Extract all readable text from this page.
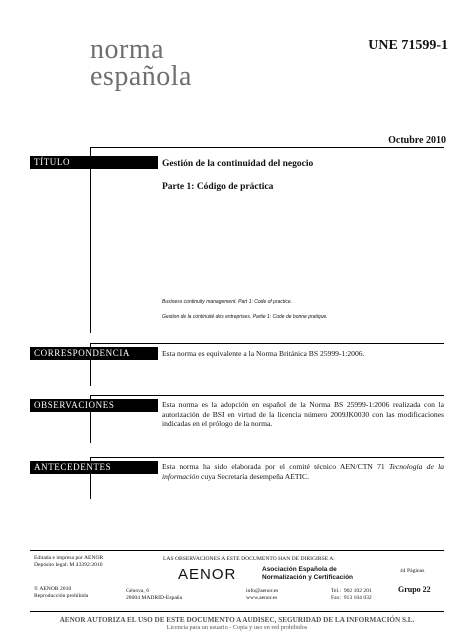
norma
española
UNE 71599-1
Octubre 2010
TÍTULO	Gestión de la continuidad del negocio
Parte 1: Código de práctica
Business continuity management. Part 1: Code of practice.
Gestion de la continuité des entreprises. Partie 1: Code de bonne pratique.
CORRESPONDENCIA	Esta norma es equivalente a la Norma Británica BS 25999-1:2006.
OBSERVACIONES	Esta norma es la adopción en español de la Norma BS 25999-1:2006 realizada con la autorización de BSI en virtud de la licencia número 2009JK0030 con las modificaciones indicadas en el prólogo de la norma.
ANTECEDENTES	Esta norma ha sido elaborada por el comité técnico AEN/CTN 71 Tecnología de la información cuya Secretaría desempeña AETIC.
Editada e impresa por AENOR
Depósito legal: M 43392:2010
© AENOR 2010
Reproducción prohibida
LAS OBSERVACIONES A ESTE DOCUMENTO HAN DE DIRIGIRSE A:
AENOR	Asociación Española de
Normalización y Certificación
Génova, 6
28004 MADRID-España
info@aenor.es
www.aenor.es
Tel.: 902 102 201
Fax: 913 104 032
44 Páginas
Grupo 22
AENOR AUTORIZA EL USO DE ESTE DOCUMENTO A AUDISEC, SEGURIDAD DE LA INFORMACIÓN S.L.
Licencia para un usuario - Copia y uso en red prohibidos
